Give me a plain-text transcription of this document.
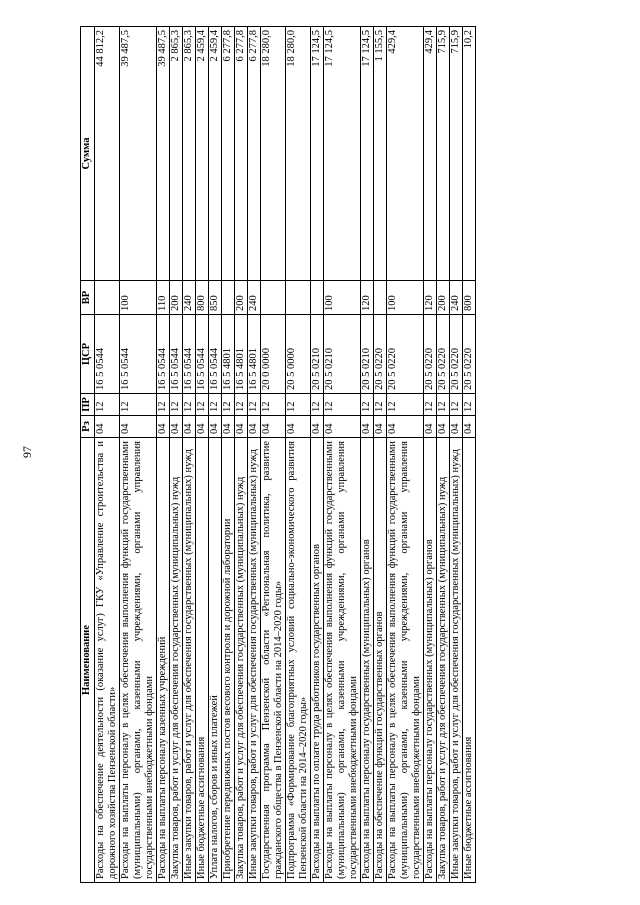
97
Наименование	Рз	ПР	ЦСР	ВР	Сумма
Расходы на обеспечение деятельности (оказание услуг) ГКУ «Управление строительства и дорожного хозяйства Пензенской области»	04	12	16 5 0544		44 812,2
Расходы на выплаты персоналу в целях обеспечения выполнения функций государственными (муниципальными) органами, казенными учреждениями, органами управления государственными внебюджетными фондами	04	12	16 5 0544	100	39 487,5
Расходы на выплаты персоналу казенных учреждений	04	12	16 5 0544	110	39 487,5
Закупка товаров, работ и услуг для обеспечения государственных (муниципальных) нужд	04	12	16 5 0544	200	2 865,3
Иные закупки товаров, работ и услуг для обеспечения государственных (муниципальных) нужд	04	12	16 5 0544	240	2 865,3
Иные бюджетные ассигнования	04	12	16 5 0544	800	2 459,4
Уплата налогов, сборов и иных платежей	04	12	16 5 0544	850	2 459,4
Приобретение передвижных постов весового контроля и дорожной лаборатории	04	12	16 5 4801		6 277,8
Закупка товаров, работ и услуг для обеспечения государственных (муниципальных) нужд	04	12	16 5 4801	200	6 277,8
Иные закупки товаров, работ и услуг для обеспечения государственных (муниципальных) нужд	04	12	16 5 4801	240	6 277,8
Государственная программа Пензенской области «Региональная политика, развитие гражданского общества в Пензенской области на 2014–2020 годы»	04	12	20 0 0000		18 280,0
Подпрограмма «Формирование благоприятных условий социально-экономического развития Пензенской области на 2014–2020 годы»	04	12	20 5 0000		18 280,0
Расходы на выплаты по оплате труда работников государственных органов	04	12	20 5 0210		17 124,5
Расходы на выплаты персоналу в целях обеспечения выполнения функций государственными (муниципальными) органами, казенными учреждениями, органами управления государственными внебюджетными фондами	04	12	20 5 0210	100	17 124,5
Расходы на выплаты персоналу государственных (муниципальных) органов	04	12	20 5 0210	120	17 124,5
Расходы на обеспечение функций государственных органов	04	12	20 5 0220		1 155,5
Расходы на выплаты персоналу в целях обеспечения выполнения функций государственными (муниципальными) органами, казенными учреждениями, органами управления государственными внебюджетными фондами	04	12	20 5 0220	100	429,4
Расходы на выплаты персоналу государственных (муниципальных) органов	04	12	20 5 0220	120	429,4
Закупка товаров, работ и услуг для обеспечения государственных (муниципальных) нужд	04	12	20 5 0220	200	715,9
Иные закупки товаров, работ и услуг для обеспечения государственных (муниципальных) нужд	04	12	20 5 0220	240	715,9
Иные бюджетные ассигнования	04	12	20 5 0220	800	10,2
